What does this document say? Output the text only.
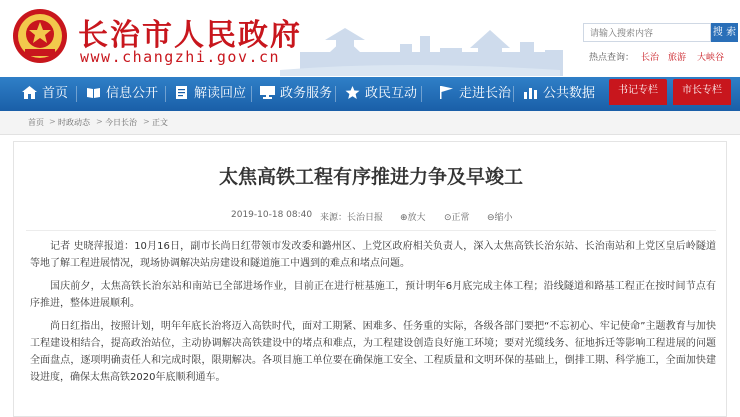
长治市人民政府
www.changzhi.gov.cn
请输入搜索内容
搜 索
热点查询： 长治 旅游 大峡谷
首页	信息公开	解读回应	政务服务	政民互动	走进长治	公共数据	书记专栏	市长专栏
首页 > 时政动态 > 今日长治 > 正文
太焦高铁工程有序推进力争及早竣工
2019-10-18 08:40 来源：长治日报 ⊕放大 ⊙正常 ⊖缩小

记者 史晓萍报道：10月16日，副市长尚日红带领市发改委和潞州区、上党区政府相关负责人，深入太焦高铁长治东站、长治南站和上党区皇后岭隧道等地了解工程进展情况，现场协调解决站房建设和隧道施工中遇到的难点和堵点问题。

国庆前夕，太焦高铁长治东站和南站已全部进场作业，目前正在进行桩基施工，预计明年6月底完成主体工程；沿线隧道和路基工程正在按时间节点有序推进，整体进展顺利。

尚日红指出，按照计划，明年年底长治将迈入高铁时代，面对工期紧、困难多、任务重的实际，各级各部门要把“不忘初心、牢记使命”主题教育与加快工程建设相结合，提高政治站位，主动协调解决高铁建设中的堵点和难点，为工程建设创造良好施工环境；要对光缆线务、征地拆迁等影响工程进展的问题全面盘点，逐项明确责任人和完成时限，限期解决。各项目施工单位要在确保施工安全、工程质量和文明环保的基础上，倒排工期、科学施工，全面加快建设进度，确保太焦高铁2020年底顺利通车。
